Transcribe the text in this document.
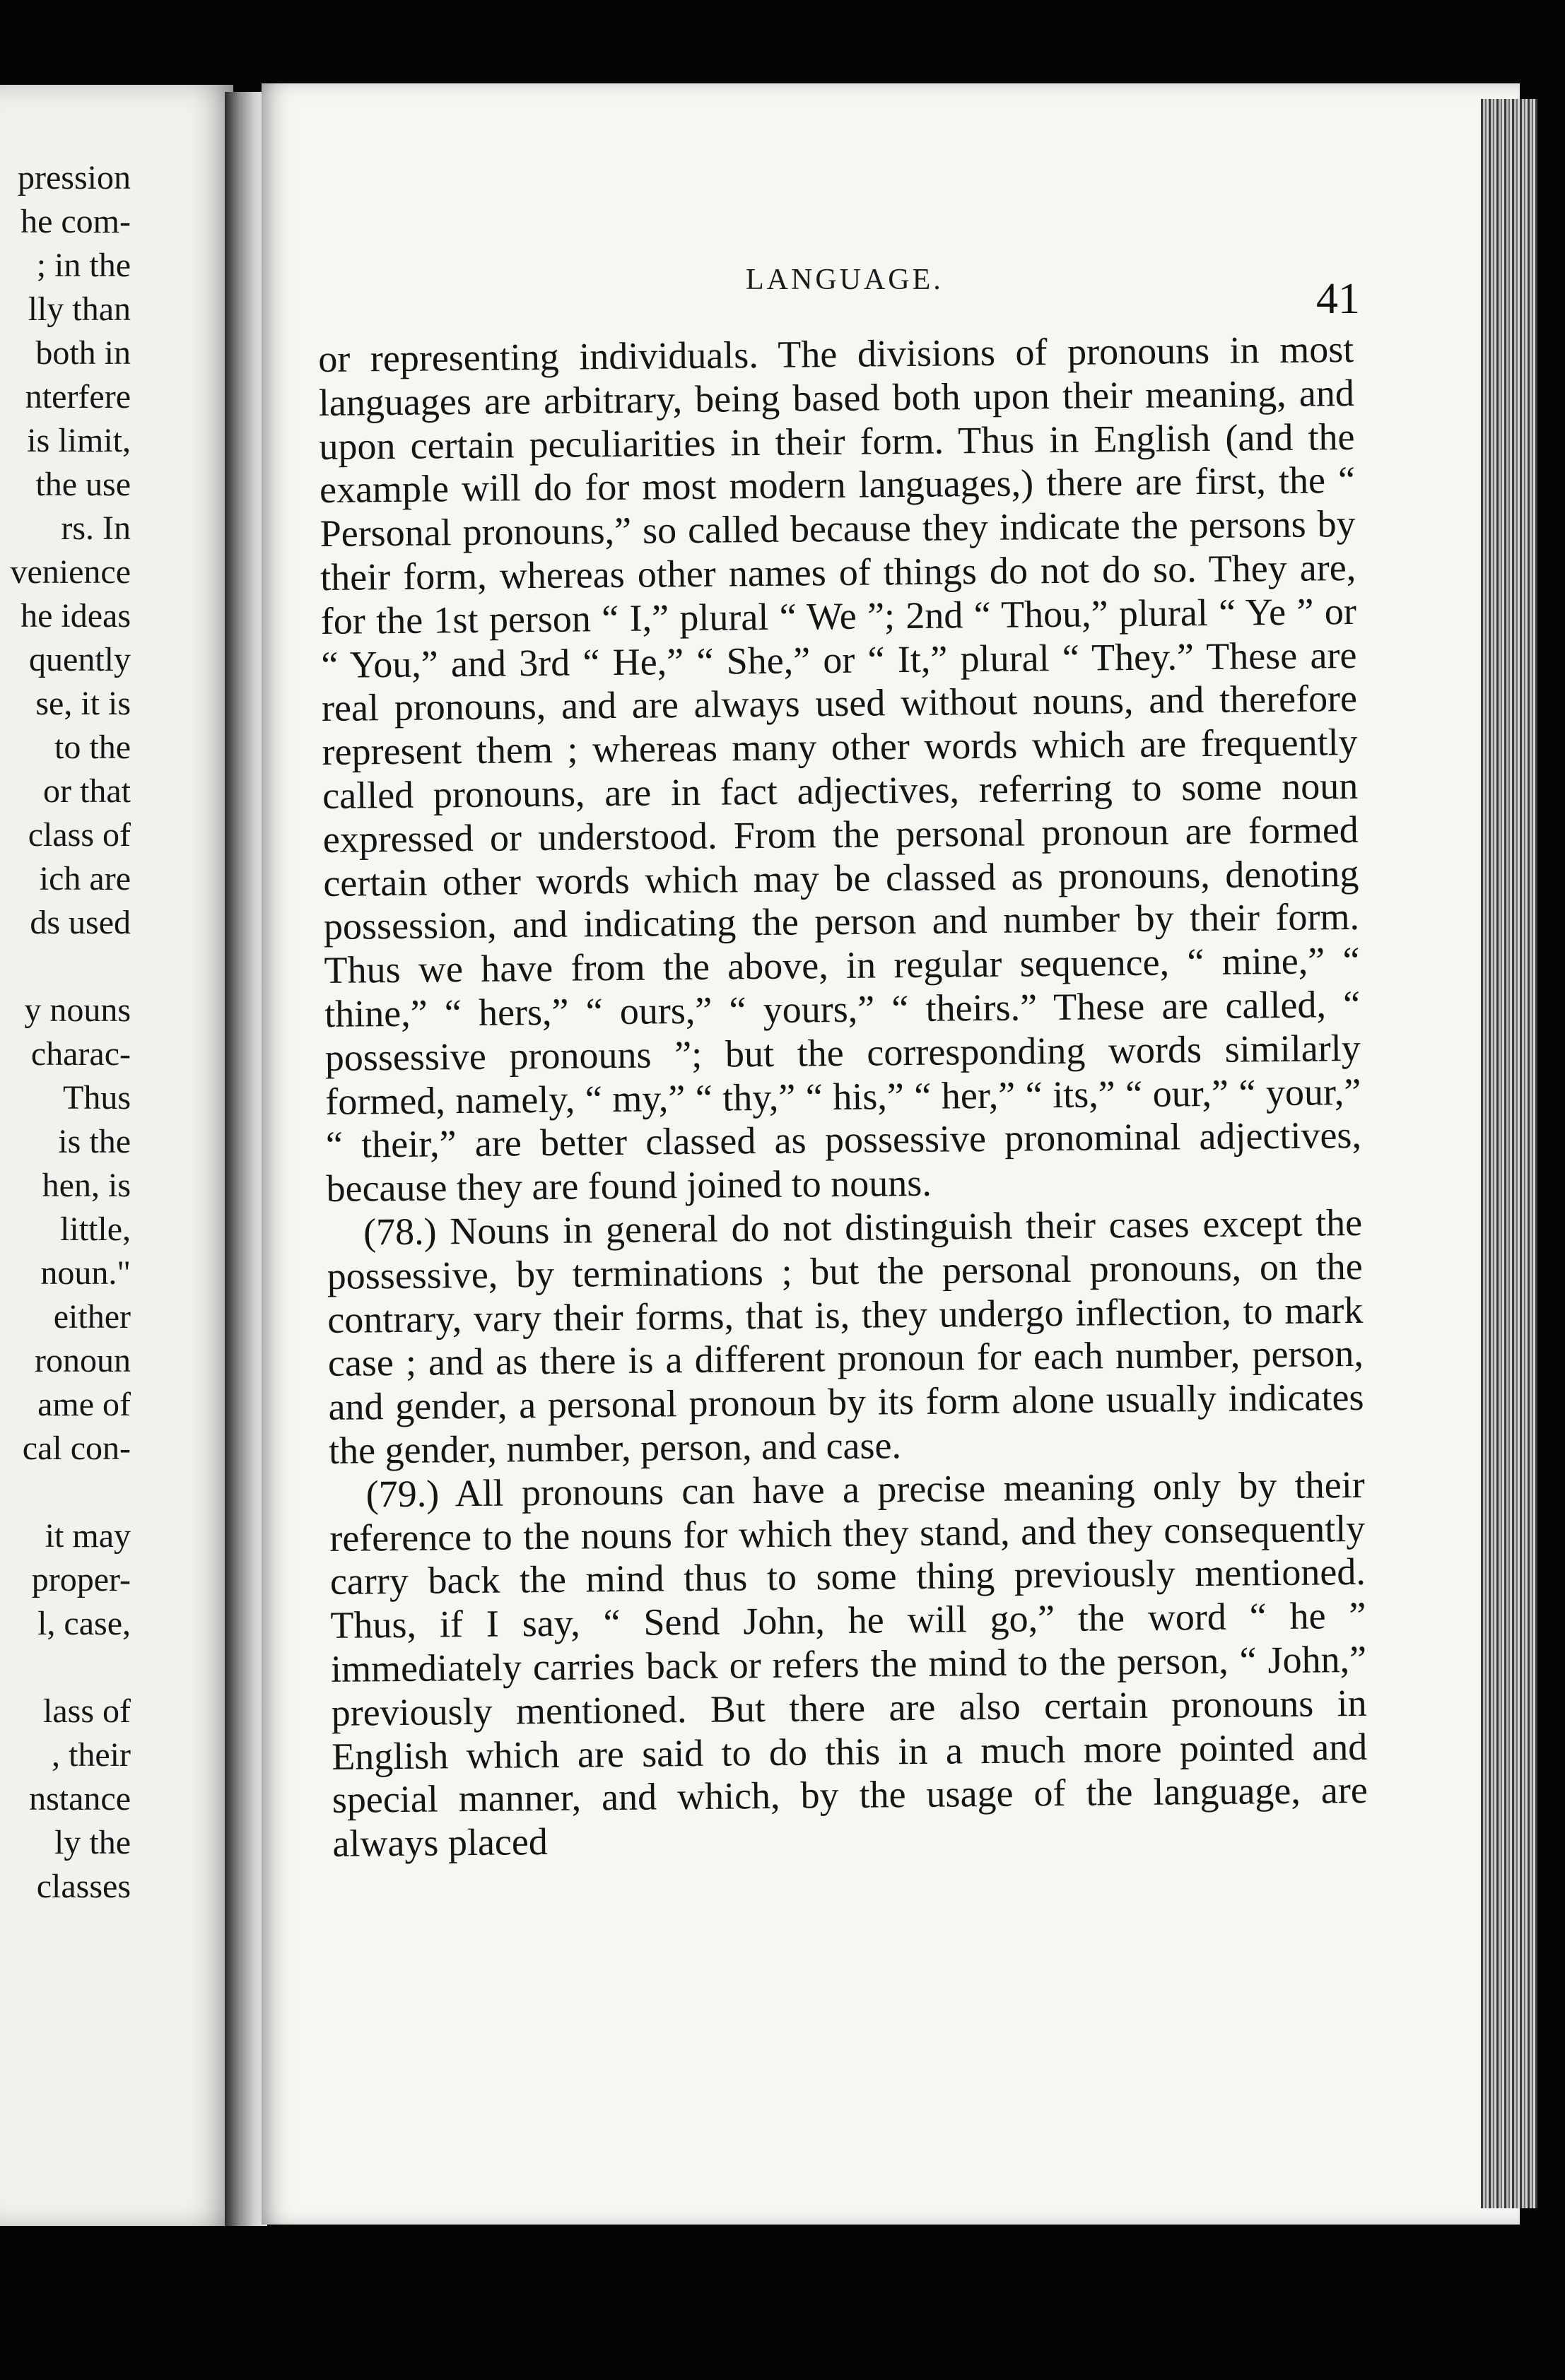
pression
he com-
; in the
lly than
both in
nterfere
is limit,
the use
rs. In
venience
he ideas
quently
se, it is
to the
or that
class of
ich are
ds used
y nouns
charac-
Thus
is the
hen, is
little,
noun."
either
ronoun
ame of
cal con-
it may
proper-
l, case,
lass of
, their
nstance
ly the
classes
LANGUAGE.	41

or representing individuals. The divisions of pronouns in most languages are arbitrary, being based both upon their meaning, and upon certain peculiarities in their form. Thus in English (and the example will do for most modern languages,) there are first, the “ Personal pronouns,” so called because they indicate the persons by their form, whereas other names of things do not do so. They are, for the 1st person “ I,” plural “ We ”; 2nd “ Thou,” plural “ Ye ” or “ You,” and 3rd “ He,” “ She,” or “ It,” plural “ They.” These are real pronouns, and are always used without nouns, and therefore represent them ; whereas many other words which are frequently called pronouns, are in fact adjectives, referring to some noun expressed or understood. From the personal pronoun are formed certain other words which may be classed as pronouns, denoting possession, and indicating the person and number by their form. Thus we have from the above, in regular sequence, “ mine,” “ thine,” “ hers,” “ ours,” “ yours,” “ theirs.” These are called, “ possessive pronouns ”; but the corresponding words similarly formed, namely, “ my,” “ thy,” “ his,” “ her,” “ its,” “ our,” “ your,” “ their,” are better classed as possessive pronominal adjectives, because they are found joined to nouns.

(78.) Nouns in general do not distinguish their cases except the possessive, by terminations ; but the personal pronouns, on the contrary, vary their forms, that is, they undergo inflection, to mark case ; and as there is a different pronoun for each number, person, and gender, a personal pronoun by its form alone usually indicates the gender, number, person, and case.

(79.) All pronouns can have a precise meaning only by their reference to the nouns for which they stand, and they consequently carry back the mind thus to some thing previously mentioned. Thus, if I say, “ Send John, he will go,” the word “ he ” immediately carries back or refers the mind to the person, “ John,” previously mentioned. But there are also certain pronouns in English which are said to do this in a much more pointed and special manner, and which, by the usage of the language, are always placed
